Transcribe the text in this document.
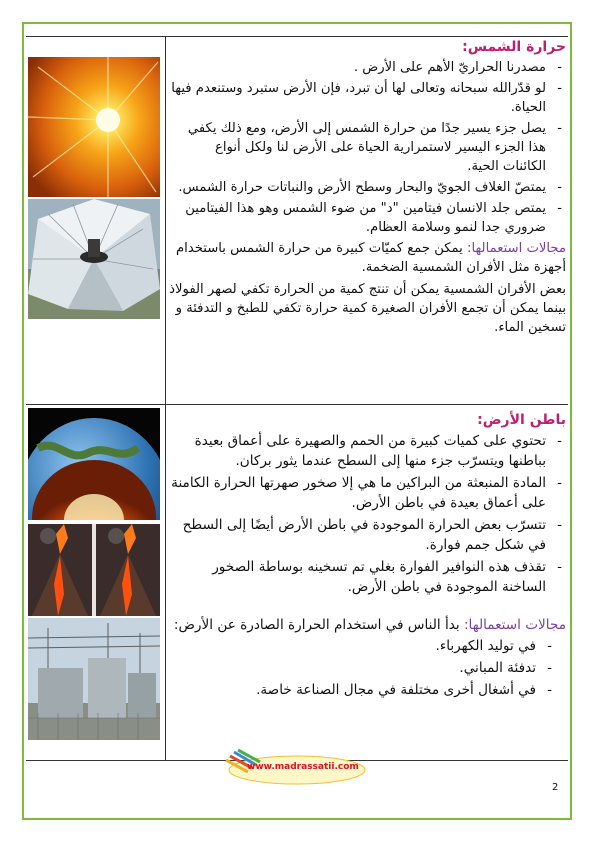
حرارة الشمس:

- مصدرنا الحراريّ الأهم على الأرض .
- لو قدّرالله سبحانه وتعالى لها أن تبرد، فإن الأرض ستبرد وستنعدم فيها الحياة.
- يصل جزء يسير جدًا من حرارة الشمس إلى الأرض، ومع ذلك يكفي هذا الجزء اليسير لاستمرارية الحياة على الأرض لنا ولكل أنواع الكائنات الحية.
- يمتصّ الغلاف الجويّ والبحار وسطح الأرض والنباتات حرارة الشمس.
- يمتص جلد الانسان فيتامين "د" من ضوء الشمس وهو هذا الفيتامين ضروري جدا لنمو وسلامة العظام.

مجالات استعمالها: يمكن جمع كميّات كبيرة من حرارة الشمس باستخدام أجهزة مثل الأفران الشمسية الضخمة.

بعض الأفران الشمسية يمكن أن تنتج كمية من الحرارة تكفي لصهر الفولاذ بينما يمكن أن تجمع الأفران الصغيرة كمية حرارة تكفي للطبخ و التدفئة و تسخين الماء.

باطن الأرض:

- تحتوي على كميات كبيرة من الحمم والصهيرة على أعماق بعيدة بباطنها ويتسرّب جزء منها إلى السطح عندما يثور بركان.
- المادة المنبعثة من البراكين ما هي إلا صخور صهرتها الحرارة الكامنة على أعماق بعيدة في باطن الأرض.
- تتسرّب بعض الحرارة الموجودة في باطن الأرض أيضًا إلى السطح في شكل جمم فوارة.
- تقذف هذه النوافير الفوارة بغلي تم تسخينه بوساطة الصخور الساخنة الموجودة في باطن الأرض.

مجالات استعمالها: بدأ الناس في استخدام الحرارة الصادرة عن الأرض:

- في توليد الكهرباء.
- تدفئة المباني.
- في أشغال أخرى مختلفة في مجال الصناعة خاصة.
www.madrassatii.com
2
